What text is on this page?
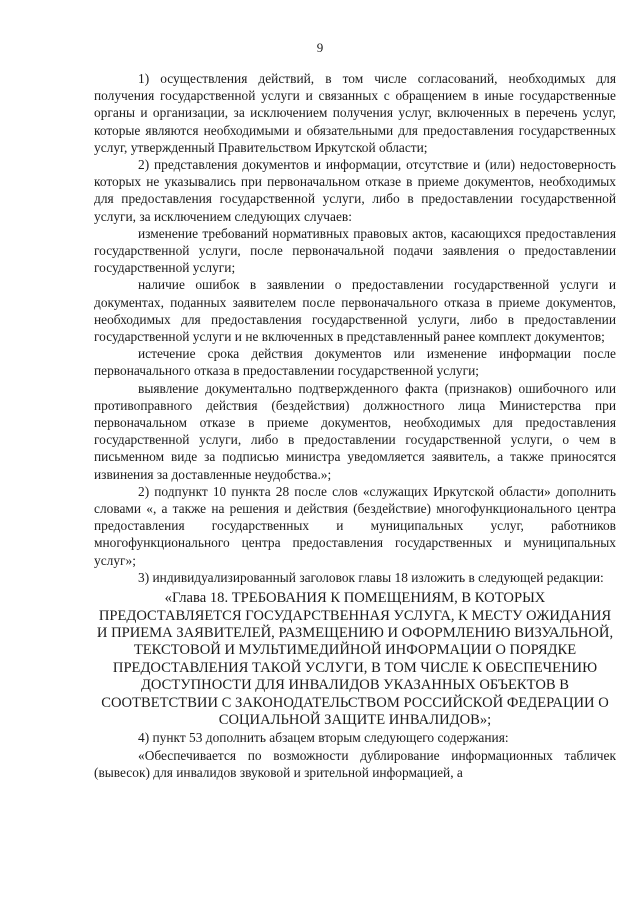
9

1) осуществления действий, в том числе согласований, необходимых для получения государственной услуги и связанных с обращением в иные государственные органы и организации, за исключением получения услуг, включенных в перечень услуг, которые являются необходимыми и обязательными для предоставления государственных услуг, утвержденный Правительством Иркутской области;

2) представления документов и информации, отсутствие и (или) недостоверность которых не указывались при первоначальном отказе в приеме документов, необходимых для предоставления государственной услуги, либо в предоставлении государственной услуги, за исключением следующих случаев:

изменение требований нормативных правовых актов, касающихся предоставления государственной услуги, после первоначальной подачи заявления о предоставлении государственной услуги;

наличие ошибок в заявлении о предоставлении государственной услуги и документах, поданных заявителем после первоначального отказа в приеме документов, необходимых для предоставления государственной услуги, либо в предоставлении государственной услуги и не включенных в представленный ранее комплект документов;

истечение срока действия документов или изменение информации после первоначального отказа в предоставлении государственной услуги;

выявление документально подтвержденного факта (признаков) ошибочного или противоправного действия (бездействия) должностного лица Министерства при первоначальном отказе в приеме документов, необходимых для предоставления государственной услуги, либо в предоставлении государственной услуги, о чем в письменном виде за подписью министра уведомляется заявитель, а также приносятся извинения за доставленные неудобства.»;

2) подпункт 10 пункта 28 после слов «служащих Иркутской области» дополнить словами «, а также на решения и действия (бездействие) многофункционального центра предоставления государственных и муниципальных услуг, работников многофункционального центра предоставления государственных и муниципальных услуг»;

3) индивидуализированный заголовок главы 18 изложить в следующей редакции:

«Глава 18. ТРЕБОВАНИЯ К ПОМЕЩЕНИЯМ, В КОТОРЫХ ПРЕДОСТАВЛЯЕТСЯ ГОСУДАРСТВЕННАЯ УСЛУГА, К МЕСТУ ОЖИДАНИЯ И ПРИЕМА ЗАЯВИТЕЛЕЙ, РАЗМЕЩЕНИЮ И ОФОРМЛЕНИЮ ВИЗУАЛЬНОЙ, ТЕКСТОВОЙ И МУЛЬТИМЕДИЙНОЙ ИНФОРМАЦИИ О ПОРЯДКЕ ПРЕДОСТАВЛЕНИЯ ТАКОЙ УСЛУГИ, В ТОМ ЧИСЛЕ К ОБЕСПЕЧЕНИЮ ДОСТУПНОСТИ ДЛЯ ИНВАЛИДОВ УКАЗАННЫХ ОБЪЕКТОВ В СООТВЕТСТВИИ С ЗАКОНОДАТЕЛЬСТВОМ РОССИЙСКОЙ ФЕДЕРАЦИИ О СОЦИАЛЬНОЙ ЗАЩИТЕ ИНВАЛИДОВ»;

4) пункт 53 дополнить абзацем вторым следующего содержания:

«Обеспечивается по возможности дублирование информационных табличек (вывесок) для инвалидов звуковой и зрительной информацией, а
